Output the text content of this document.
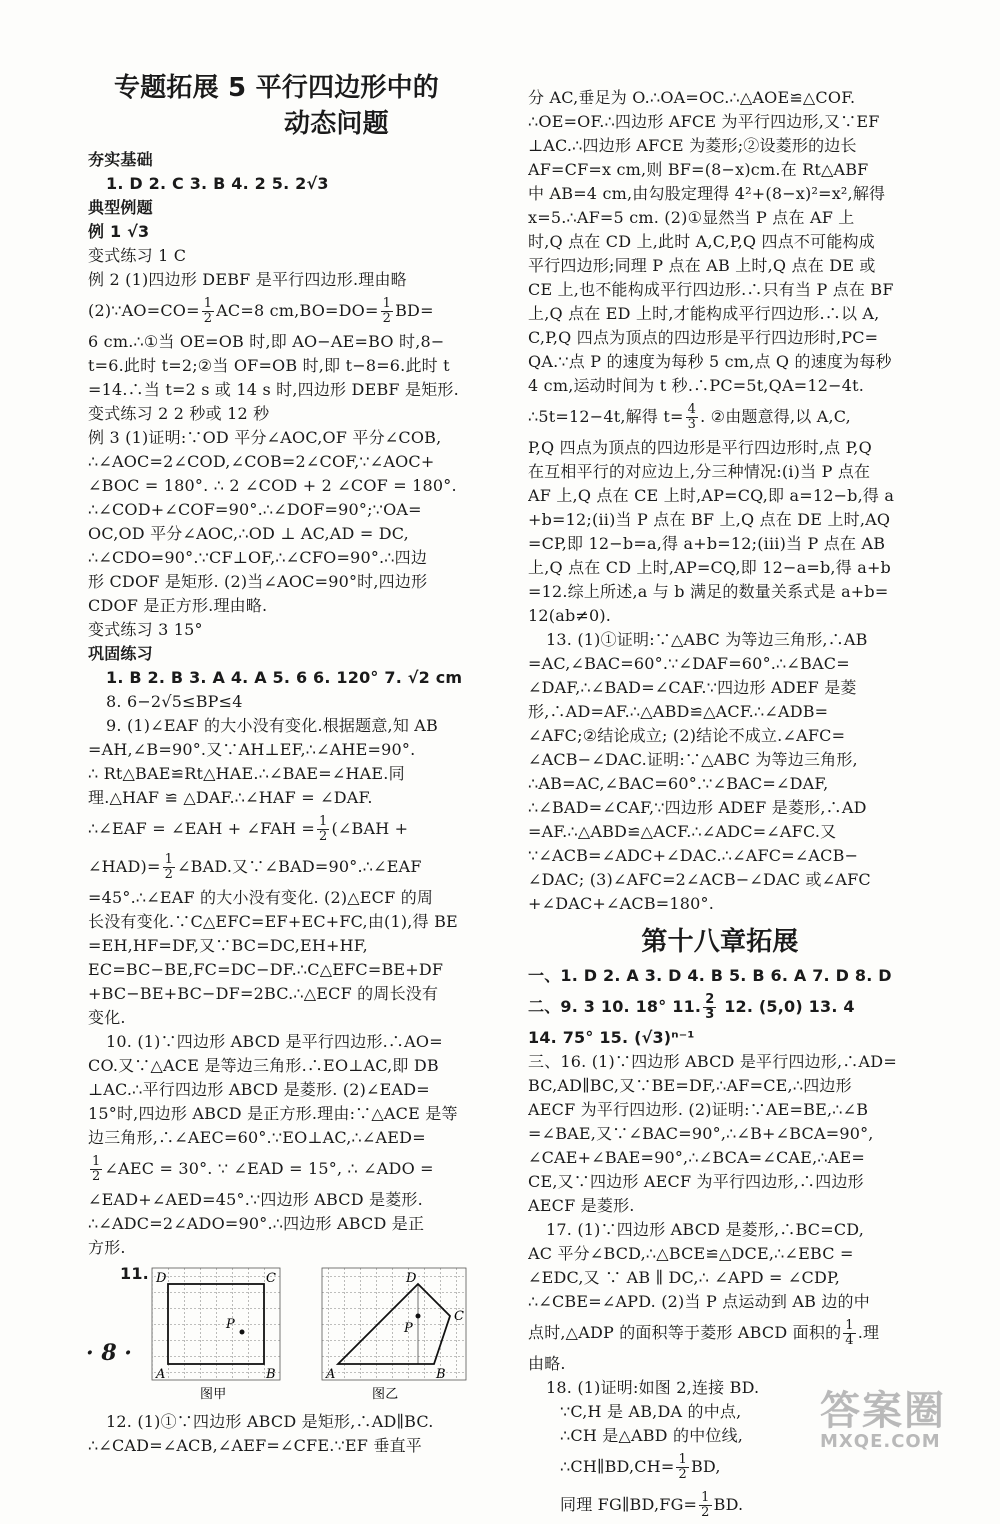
专题拓展 5 平行四边形中的
动态问题
夯实基础
1. D 2. C 3. B 4. 2 5. 2√3
典型例题
例 1 √3
变式练习 1 C
例 2 (1)四边形 DEBF 是平行四边形.理由略
(2)∵AO=CO= $\frac{1}{2} AC=8$ $cm,BO=DO= \frac{1}{2} BD=$
6 cm.∴①当 OE=OB 时,即 AO−AE=BO 时,8−
t=6.此时 t=2;②当 OF=OB 时,即 t−8=6.此时 t
=14.∴当 t=2 s 或 14 s 时,四边形 DEBF 是矩形.
变式练习 2 2 秒或 12 秒
例 3 (1)证明:∵OD 平分∠AOC,OF 平分∠COB,
∴∠AOC=2∠COD,∠COB=2∠COF,∵∠AOC+
∠BOC = 180°. ∴ 2 ∠COD + 2 ∠COF = 180°.
∴∠COD+∠COF=90°.∴∠DOF=90°;∵OA=
OC,OD 平分∠AOC,∴OD ⊥ AC,AD = DC,
∴∠CDO=90°.∵CF⊥OF,∴∠CFO=90°.∴四边
形 CDOF 是矩形. (2)当∠AOC=90°时,四边形
CDOF 是正方形.理由略.
变式练习 3 15°
巩固练习
1. B 2. B 3. A 4. A 5. 6 6. 120° 7. √2 cm
8. 6−2√5≤BP≤4
9. (1)∠EAF 的大小没有变化.根据题意,知 AB
=AH,∠B=90°.又∵AH⊥EF,∴∠AHE=90°.
∴ Rt△BAE≌Rt△HAE.∴∠BAE=∠HAE.同
理.△HAF ≌ △DAF.∴∠HAF = ∠DAF.
∴∠EAF = ∠EAH + ∠FAH = $\frac{1}{2}$ (∠BAH +
∠HAD)= $\frac{1}{2}$ ∠BAD.又∵∠BAD=90°.∴∠EAF
=45°.∴∠EAF 的大小没有变化. (2)△ECF 的周
长没有变化.∵C△EFC=EF+EC+FC,由(1),得 BE
=EH,HF=DF,又∵BC=DC,EH+HF,
EC=BC−BE,FC=DC−DF.∴C△EFC=BE+DF
+BC−BE+BC−DF=2BC.∴△ECF 的周长没有
变化.
10. (1)∵四边形 ABCD 是平行四边形.∴AO=
CO.又∵△ACE 是等边三角形.∴EO⊥AC,即 DB
⊥AC.∴平行四边形 ABCD 是菱形. (2)∠EAD=
15°时,四边形 ABCD 是正方形.理由:∵△ACE 是等
边三角形,∴∠AEC=60°.∵EO⊥AC,∴∠AED=
$\frac{1}{2}$ ∠AEC = 30°. ∵ ∠EAD = 15°, ∴ ∠ADO =
∠EAD+∠AED=45°.∵四边形 ABCD 是菱形.
∴∠ADC=2∠ADO=90°.∴四边形 ABCD 是正
方形.
11. D	C
A	B
P
图甲
D
C
A	B
P
图乙
12. (1)①∵四边形 ABCD 是矩形,∴AD∥BC.
∴∠CAD=∠ACB,∠AEF=∠CFE.∵EF 垂直平
分 AC,垂足为 O.∴OA=OC.∴△AOE≌△COF.
∴OE=OF.∴四边形 AFCE 为平行四边形,又∵EF
⊥AC.∴四边形 AFCE 为菱形;②设菱形的边长
AF=CF=x cm,则 BF=(8−x)cm.在 Rt△ABF
中 AB=4 cm,由勾股定理得 4²+(8−x)²=x²,解得
x=5.∴AF=5 cm. (2)①显然当 P 点在 AF 上
时,Q 点在 CD 上,此时 A,C,P,Q 四点不可能构成
平行四边形;同理 P 点在 AB 上时,Q 点在 DE 或
CE 上,也不能构成平行四边形.∴只有当 P 点在 BF
上,Q 点在 ED 上时,才能构成平行四边形.∴以 A,
C,P,Q 四点为顶点的四边形是平行四边形时,PC=
QA.∵点 P 的速度为每秒 5 cm,点 Q 的速度为每秒
4 cm,运动时间为 t 秒.∴PC=5t,QA=12−4t.
∴5t=12−4t,解得 $t= \frac{4}{3}$ . ②由题意得,以 A,C,
P,Q 四点为顶点的四边形是平行四边形时,点 P,Q
在互相平行的对应边上,分三种情况:(i)当 P 点在
AF 上,Q 点在 CE 上时,AP=CQ,即 a=12−b,得 a
+b=12;(ii)当 P 点在 BF 上,Q 点在 DE 上时,AQ
=CP,即 12−b=a,得 a+b=12;(iii)当 P 点在 AB
上,Q 点在 CD 上时,AP=CQ,即 12−a=b,得 a+b
=12.综上所述,a 与 b 满足的数量关系式是 a+b=
12(ab≠0).
13. (1)①证明:∵△ABC 为等边三角形,∴AB
=AC,∠BAC=60°.∵∠DAF=60°.∴∠BAC=
∠DAF,∴∠BAD=∠CAF.∵四边形 ADEF 是菱
形,∴AD=AF.∴△ABD≌△ACF.∴∠ADB=
∠AFC;②结论成立; (2)结论不成立.∠AFC=
∠ACB−∠DAC.证明:∵△ABC 为等边三角形,
∴AB=AC,∠BAC=60°.∵∠BAC=∠DAF,
∴∠BAD=∠CAF,∵四边形 ADEF 是菱形,∴AD
=AF.∴△ABD≌△ACF.∴∠ADC=∠AFC.又
∵∠ACB=∠ADC+∠DAC.∴∠AFC=∠ACB−
∠DAC; (3)∠AFC=2∠ACB−∠DAC 或∠AFC
+∠DAC+∠ACB=180°.
第十八章拓展
一、1. D 2. A 3. D 4. B 5. B 6. A 7. D 8. D
二、9. 3 10. 18° 11. $\frac{2}{3} 12$. (5,0) 13. 4
14. 75° 15. (√3)ⁿ⁻¹
三、16. (1)∵四边形 ABCD 是平行四边形,∴AD=
BC,AD∥BC,又∵BE=DF,∴AF=CE,∴四边形
AECF 为平行四边形. (2)证明:∵AE=BE,∴∠B
=∠BAE,又∵∠BAC=90°,∴∠B+∠BCA=90°,
∠CAE+∠BAE=90°,∴∠BCA=∠CAE,∴AE=
CE,又∵四边形 AECF 为平行四边形,∴四边形
AECF 是菱形.
17. (1)∵四边形 ABCD 是菱形,∴BC=CD,
AC 平分∠BCD,∴△BCE≌△DCE,∴∠EBC =
∠EDC,又 ∵ AB ∥ DC,∴ ∠APD = ∠CDP,
∴∠CBE=∠APD. (2)当 P 点运动到 AB 边的中
点时,△ADP 的面积等于菱形 ABCD 面积的 $\frac{1}{4}$ .理
由略.
18. (1)证明:如图 2,连接 BD.
∵C,H 是 AB,DA 的中点,
∴CH 是△ABD 的中位线,
∴CH∥BD,CH= $\frac{1}{2}$ BD,
同理 FG∥BD,FG= $\frac{1}{2}$ BD.
· 8 ·
答案圈
MXQE.COM
